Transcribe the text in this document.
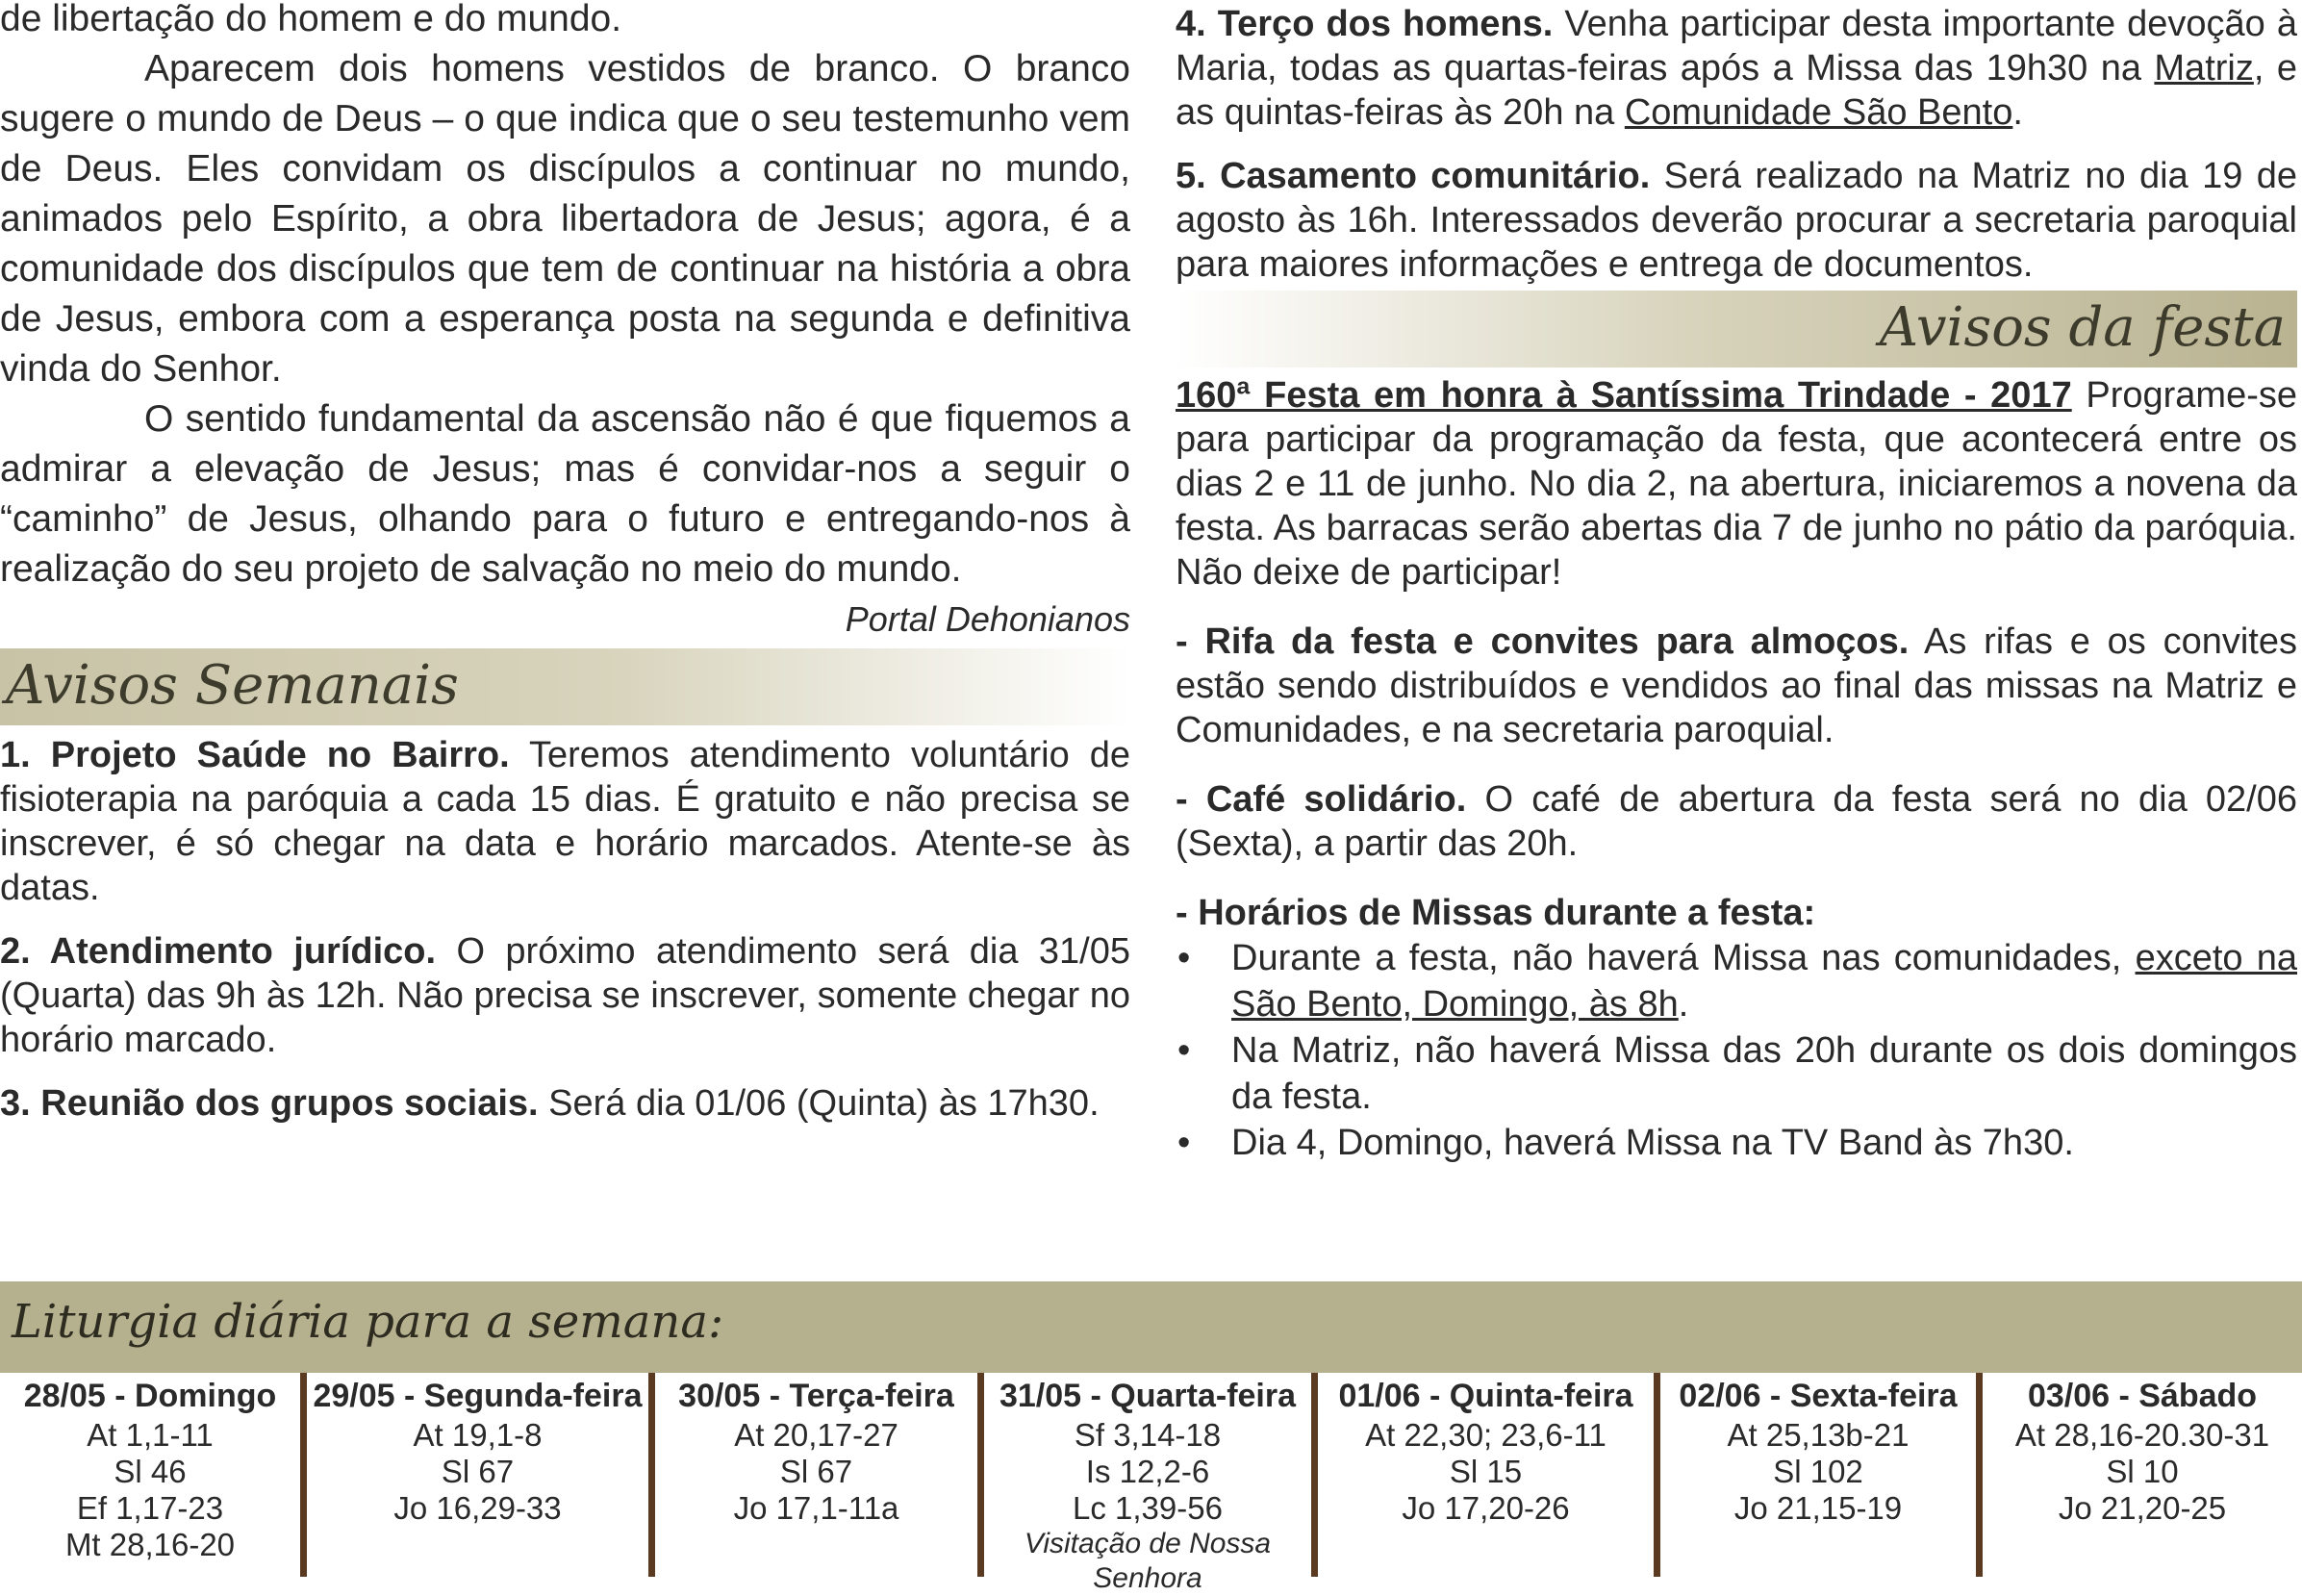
de libertação do homem e do mundo.

Aparecem dois homens vestidos de branco. O branco sugere o mundo de Deus – o que indica que o seu testemunho vem de Deus. Eles convidam os discípulos a continuar no mundo, animados pelo Espírito, a obra libertadora de Jesus; agora, é a comunidade dos discípulos que tem de continuar na história a obra de Jesus, embora com a esperança posta na segunda e definitiva vinda do Senhor.

O sentido fundamental da ascensão não é que fiquemos a admirar a elevação de Jesus; mas é convidar-nos a seguir o “caminho” de Jesus, olhando para o futuro e entregando-nos à realização do seu projeto de salvação no meio do mundo.

Portal Dehonianos

Avisos Semanais

1. Projeto Saúde no Bairro. Teremos atendimento voluntário de fisioterapia na paróquia a cada 15 dias. É gratuito e não precisa se inscrever, é só chegar na data e horário marcados. Atente-se às datas.

2. Atendimento jurídico. O próximo atendimento será dia 31/05 (Quarta) das 9h às 12h. Não precisa se inscrever, somente chegar no horário marcado.

3. Reunião dos grupos sociais. Será dia 01/06 (Quinta) às 17h30.

4. Terço dos homens. Venha participar desta importante devoção à Maria, todas as quartas-feiras após a Missa das 19h30 na Matriz, e as quintas-feiras às 20h na Comunidade São Bento.

5. Casamento comunitário. Será realizado na Matriz no dia 19 de agosto às 16h. Interessados deverão procurar a secretaria paroquial para maiores informações e entrega de documentos.

Avisos da festa

160ª Festa em honra à Santíssima Trindade - 2017 Programe-se para participar da programação da festa, que acontecerá entre os dias 2 e 11 de junho. No dia 2, na abertura, iniciaremos a novena da festa. As barracas serão abertas dia 7 de junho no pátio da paróquia. Não deixe de participar!

- Rifa da festa e convites para almoços. As rifas e os convites estão sendo distribuídos e vendidos ao final das missas na Matriz e Comunidades, e na secretaria paroquial.

- Café solidário. O café de abertura da festa será no dia 02/06 (Sexta), a partir das 20h.

- Horários de Missas durante a festa:

• Durante a festa, não haverá Missa nas comunidades, exceto na São Bento, Domingo, às 8h.
• Na Matriz, não haverá Missa das 20h durante os dois domingos da festa.
• Dia 4, Domingo, haverá Missa na TV Band às 7h30.
Liturgia diária para a semana:
28/05 - Domingo
At 1,1-11
Sl 46
Ef 1,17-23
Mt 28,16-20
29/05 - Segunda-feira
At 19,1-8
Sl 67
Jo 16,29-33
30/05 - Terça-feira
At 20,17-27
Sl 67
Jo 17,1-11a
31/05 - Quarta-feira
Sf 3,14-18
Is 12,2-6
Lc 1,39-56
Visitação de Nossa Senhora
01/06 - Quinta-feira
At 22,30; 23,6-11
Sl 15
Jo 17,20-26
02/06 - Sexta-feira
At 25,13b-21
Sl 102
Jo 21,15-19
03/06 - Sábado
At 28,16-20.30-31
Sl 10
Jo 21,20-25
